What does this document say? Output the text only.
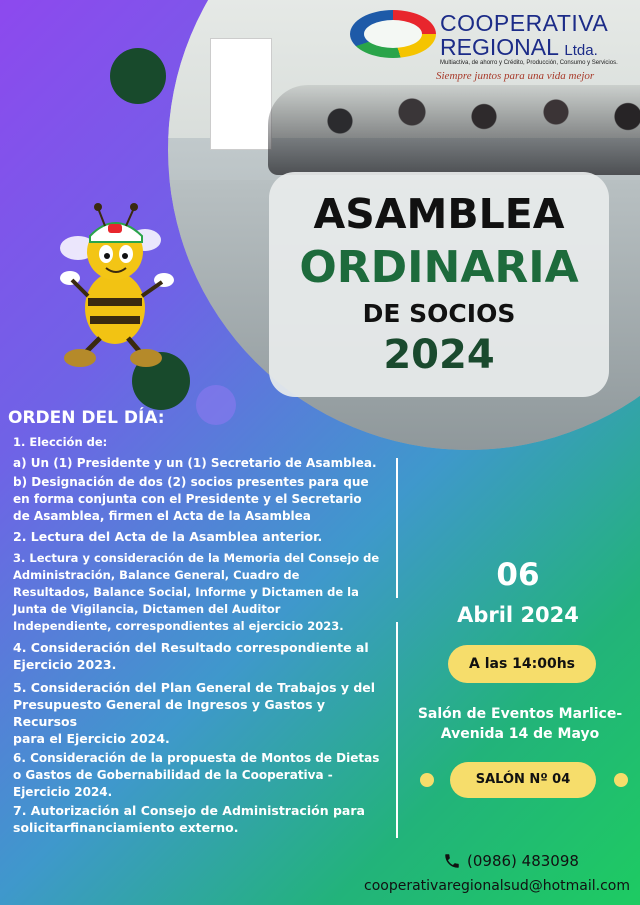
COOPERATIVA
REGIONAL Ltda.
Multiactiva, de ahorro y Crédito, Producción, Consumo y Servicios.
Siempre juntos para una vida mejor
ASAMBLEA
ORDINARIA
DE SOCIOS
2024
ORDEN DEL DÍA:
1. Elección de:
a) Un (1) Presidente y un (1) Secretario de Asamblea.
b) Designación de dos (2) socios presentes para que
en forma conjunta con el Presidente y el Secretario
de Asamblea, firmen el Acta de la Asamblea
2. Lectura del Acta de la Asamblea anterior.
3. Lectura y consideración de la Memoria del Consejo de
Administración, Balance General, Cuadro de
Resultados, Balance Social, Informe y Dictamen de la
Junta de Vigilancia, Dictamen del Auditor
Independiente, correspondientes al ejercicio 2023.
4. Consideración del Resultado correspondiente al
Ejercicio 2023.
5. Consideración del Plan General de Trabajos y del
Presupuesto General de Ingresos y Gastos y Recursos
para el Ejercicio 2024.
6. Consideración de la propuesta de Montos de Dietas
o Gastos de Gobernabilidad de la Cooperativa -
Ejercicio 2024.
7. Autorización al Consejo de Administración para
solicitarfinanciamiento externo.
06
Abril 2024
A las 14:00hs
Salón de Eventos Marlice-
Avenida 14 de Mayo
SALÓN Nº 04
(0986) 483098
cooperativaregionalsud@hotmail.com
